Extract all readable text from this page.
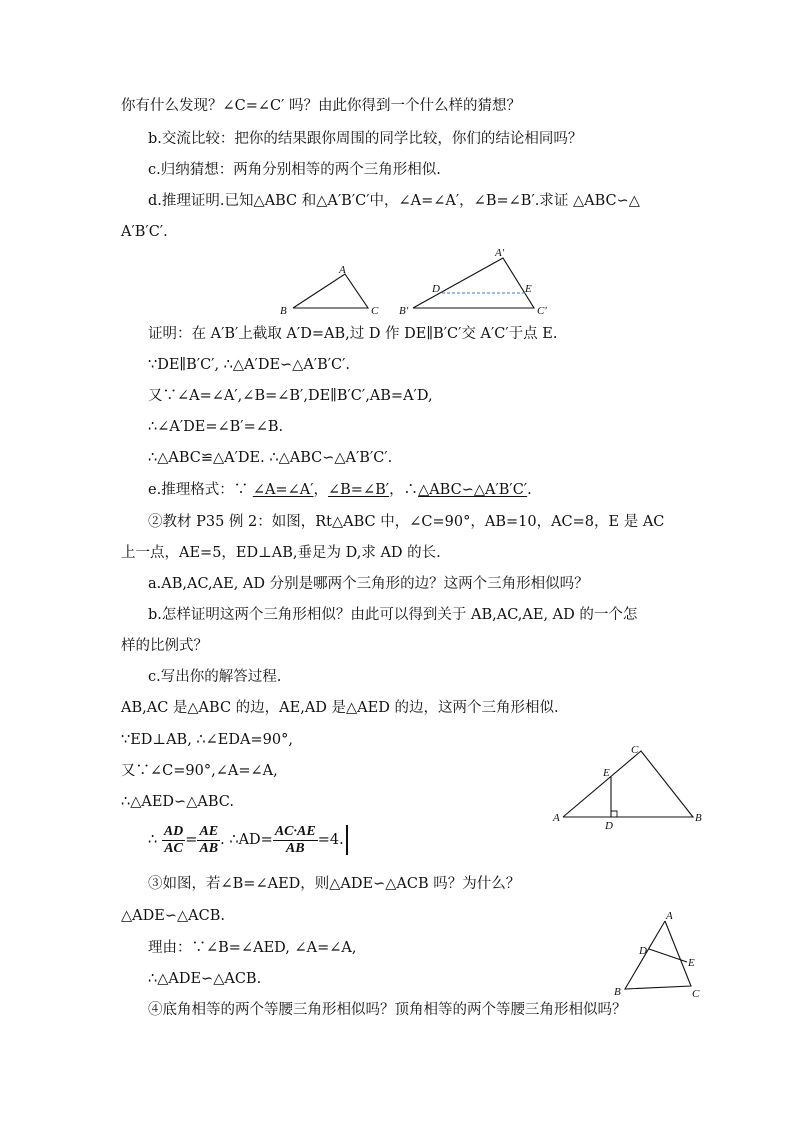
你有什么发现？∠C=∠C′ 吗？由此你得到一个什么样的猜想？
b.交流比较：把你的结果跟你周围的同学比较，你们的结论相同吗？
c.归纳猜想：两角分别相等的两个三角形相似.
d.推理证明.已知△ABC 和△A′B′C′中，∠A=∠A′，∠B=∠B′.求证 △ABC∽△
A′B′C′.
A
B	C
A′
B′	C′
D	E
证明：在 A′B′上截取 A′D=AB,过 D 作 DE∥B′C′交 A′C′于点 E.
∵DE∥B′C′, ∴△A′DE∽△A′B′C′.
又∵∠A=∠A′,∠B=∠B′,DE∥B′C′,AB=A′D,
∴∠A′DE=∠B′=∠B.
∴△ABC≌△A′DE. ∴△ABC∽△A′B′C′.
e.推理格式：∵ ∠A=∠A′，∠B=∠B′，∴△ABC∽△A′B′C′.
②教材 P35 例 2：如图，Rt△ABC 中，∠C=90°，AB=10，AC=8，E 是 AC
上一点，AE=5，ED⊥AB,垂足为 D,求 AD 的长.
a.AB,AC,AE, AD 分别是哪两个三角形的边？这两个三角形相似吗？
b.怎样证明这两个三角形相似？由此可以得到关于 AB,AC,AE, AD 的一个怎
样的比例式？
c.写出你的解答过程.
AB,AC 是△ABC 的边，AE,AD 是△AED 的边，这两个三角形相似.
∵ED⊥AB, ∴∠EDA=90°,
又∵∠C=90°,∠A=∠A,
∴△AED∽△ABC.
C
E
A	B
D
∴ $\frac{AD}{AC} = \frac{AE}{AB}$ . ∴AD= $\frac{AC\cdot AE}{AB} =4$.
③如图，若∠B=∠AED，则△ADE∽△ACB 吗？为什么？
△ADE∽△ACB.
理由：∵∠B=∠AED, ∠A=∠A,
∴△ADE∽△ACB.
A
D
E
B	C
④底角相等的两个等腰三角形相似吗？顶角相等的两个等腰三角形相似吗？
